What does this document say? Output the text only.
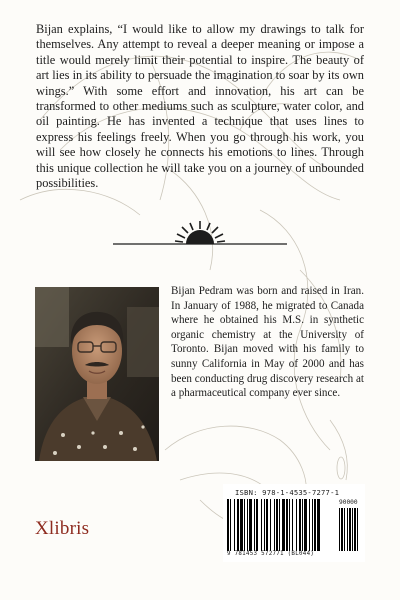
Bijan explains, “I would like to allow my drawings to talk for themselves. Any attempt to reveal a deeper meaning or impose a title would merely limit their potential to inspire. The beauty of art lies in its ability to persuade the imagination to soar by its own wings.” With some effort and innovation, his art can be transformed to other mediums such as sculpture, water color, and oil painting. He has invented a technique that uses lines to express his feelings freely. When you go through his work, you will see how closely he connects his emotions to lines. Through this unique collection he will take you on a journey of unbounded possibilities.

Bijan Pedram was born and raised in Iran. In January of 1988, he migrated to Canada where he obtained his M.S. in synthetic organic chemistry at the University of Toronto. Bijan moved with his family to sunny California in May of 2000 and has been conducting drug discovery research at a pharmaceutical company ever since.

Xlibris

ISBN: 978-1-4535-7277-1
90000
9 781453 572771 (BL044)
